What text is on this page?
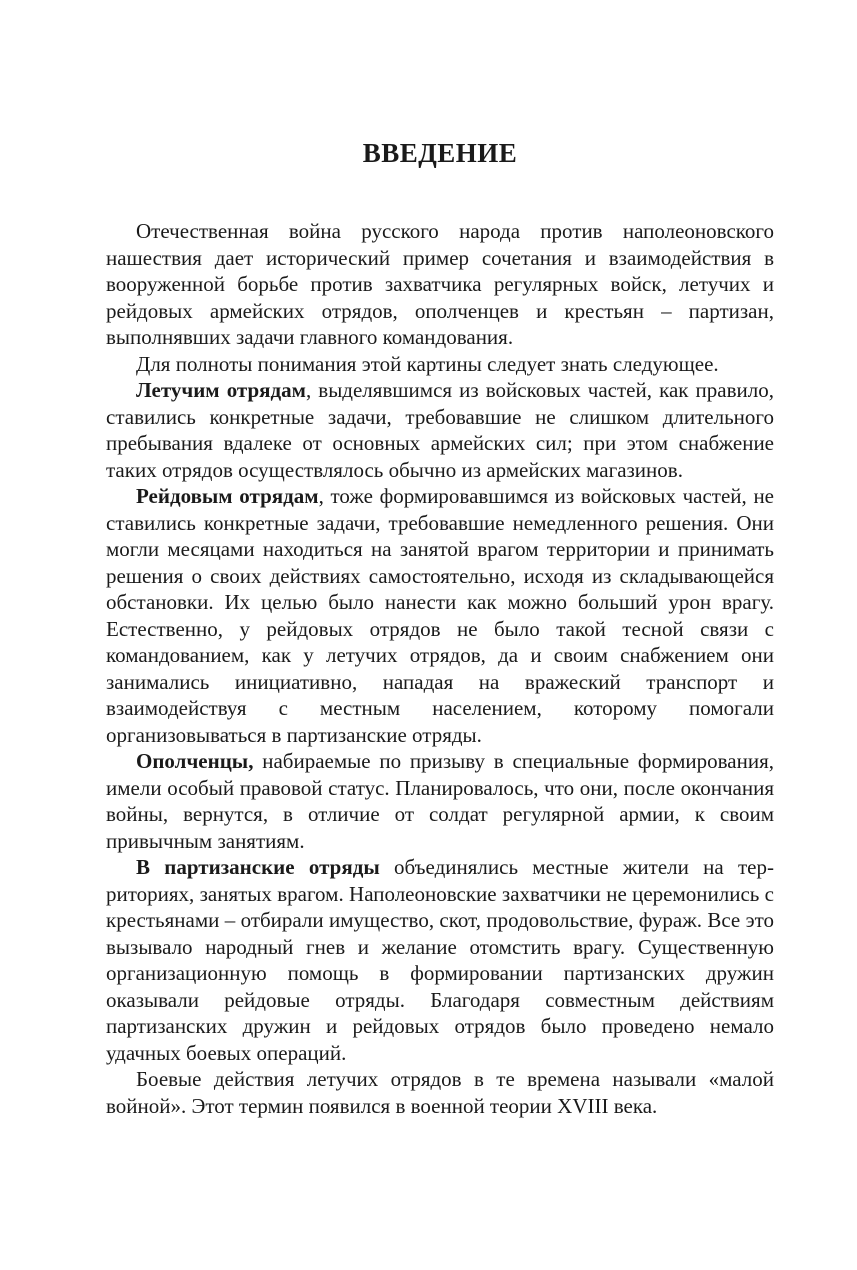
ВВЕДЕНИЕ

Отечественная война русского народа против наполеоновского нашествия дает исторический пример сочетания и взаимодействия в вооруженной борьбе против захватчика регулярных войск, летучих и рейдовых армейских отрядов, ополченцев и крестьян – партизан, выполнявших задачи главного командования.

Для полноты понимания этой картины следует знать следующее.

Летучим отрядам, выделявшимся из войсковых частей, как правило, ставились конкретные задачи, требовавшие не слишком длительного пребывания вдалеке от основных армейских сил; при этом снабжение таких отрядов осуществлялось обычно из армейских магазинов.

Рейдовым отрядам, тоже формировавшимся из войсковых частей, не ставились конкретные задачи, требовавшие немедленного решения. Они могли месяцами находиться на занятой врагом территории и принимать решения о своих действиях самостоятельно, исходя из складывающейся обстановки. Их целью было нанести как можно больший урон врагу. Естественно, у рейдовых отрядов не было такой тесной связи с командованием, как у летучих отрядов, да и своим снабжением они занимались инициативно, нападая на вражеский транспорт и взаимодействуя с местным населением, которому помогали организовываться в партизанские отряды.

Ополченцы, набираемые по призыву в специальные формирования, имели особый правовой статус. Планировалось, что они, после окончания войны, вернутся, в отличие от солдат регулярной армии, к своим привычным занятиям.

В партизанские отряды объединялись местные жители на территориях, занятых врагом. Наполеоновские захватчики не церемонились с крестьянами – отбирали имущество, скот, продовольствие, фураж. Все это вызывало народный гнев и желание отомстить врагу. Существенную организационную помощь в формировании партизанских дружин оказывали рейдовые отряды. Благодаря совместным действиям партизанских дружин и рейдовых отрядов было проведено немало удачных боевых операций.

Боевые действия летучих отрядов в те времена называли «малой войной». Этот термин появился в военной теории XVIII века.
